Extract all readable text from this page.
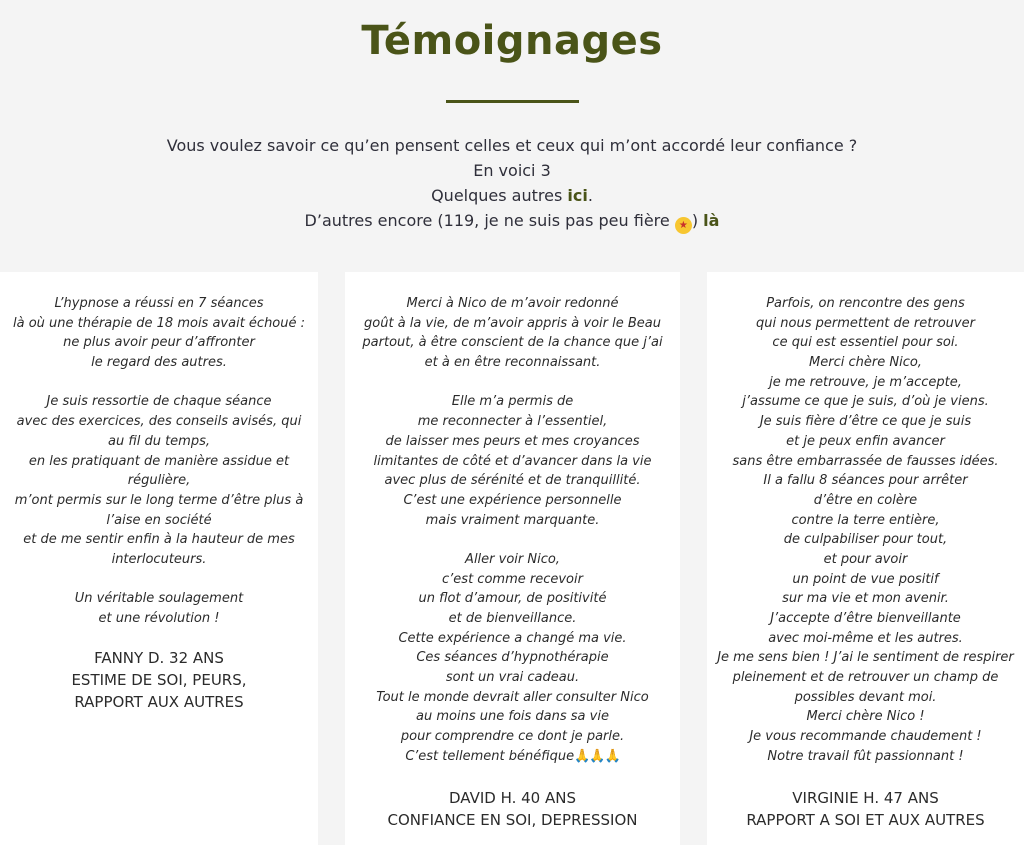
Témoignages

Vous voulez savoir ce qu’en pensent celles et ceux qui m’ont accordé leur confiance ?

En voici 3

Quelques autres ici.

D’autres encore (119, je ne suis pas peu fière ★ ) là

L’hypnose a réussi en 7 séances
là où une thérapie de 18 mois avait échoué :
ne plus avoir peur d’affronter
le regard des autres.
Je suis ressortie de chaque séance
avec des exercices, des conseils avisés, qui
au fil du temps,
en les pratiquant de manière assidue et
régulière,
m’ont permis sur le long terme d’être plus à
l’aise en société
et de me sentir enfin à la hauteur de mes
interlocuteurs.
Un véritable soulagement
et une révolution !
FANNY D. 32 ANS
ESTIME DE SOI, PEURS,
RAPPORT AUX AUTRES
Merci à Nico de m’avoir redonné
goût à la vie, de m’avoir appris à voir le Beau
partout, à être conscient de la chance que j’ai
et à en être reconnaissant.
Elle m’a permis de
me reconnecter à l’essentiel,
de laisser mes peurs et mes croyances
limitantes de côté et d’avancer dans la vie
avec plus de sérénité et de tranquillité.
C’est une expérience personnelle
mais vraiment marquante.
Aller voir Nico,
c’est comme recevoir
un flot d’amour, de positivité
et de bienveillance.
Cette expérience a changé ma vie.
Ces séances d’hypnothérapie
sont un vrai cadeau.
Tout le monde devrait aller consulter Nico
au moins une fois dans sa vie
pour comprendre ce dont je parle.
C’est tellement bénéfique🙏🙏🙏
DAVID H. 40 ANS
CONFIANCE EN SOI, DEPRESSION
Parfois, on rencontre des gens
qui nous permettent de retrouver
ce qui est essentiel pour soi.
Merci chère Nico,
je me retrouve, je m’accepte,
j’assume ce que je suis, d’où je viens.
Je suis fière d’être ce que je suis
et je peux enfin avancer
sans être embarrassée de fausses idées.
Il a fallu 8 séances pour arrêter
d’être en colère
contre la terre entière,
de culpabiliser pour tout,
et pour avoir
un point de vue positif
sur ma vie et mon avenir.
J’accepte d’être bienveillante
avec moi-même et les autres.
Je me sens bien ! J’ai le sentiment de respirer
pleinement et de retrouver un champ de
possibles devant moi.
Merci chère Nico !
Je vous recommande chaudement !
Notre travail fût passionnant !
VIRGINIE H. 47 ANS
RAPPORT A SOI ET AUX AUTRES
